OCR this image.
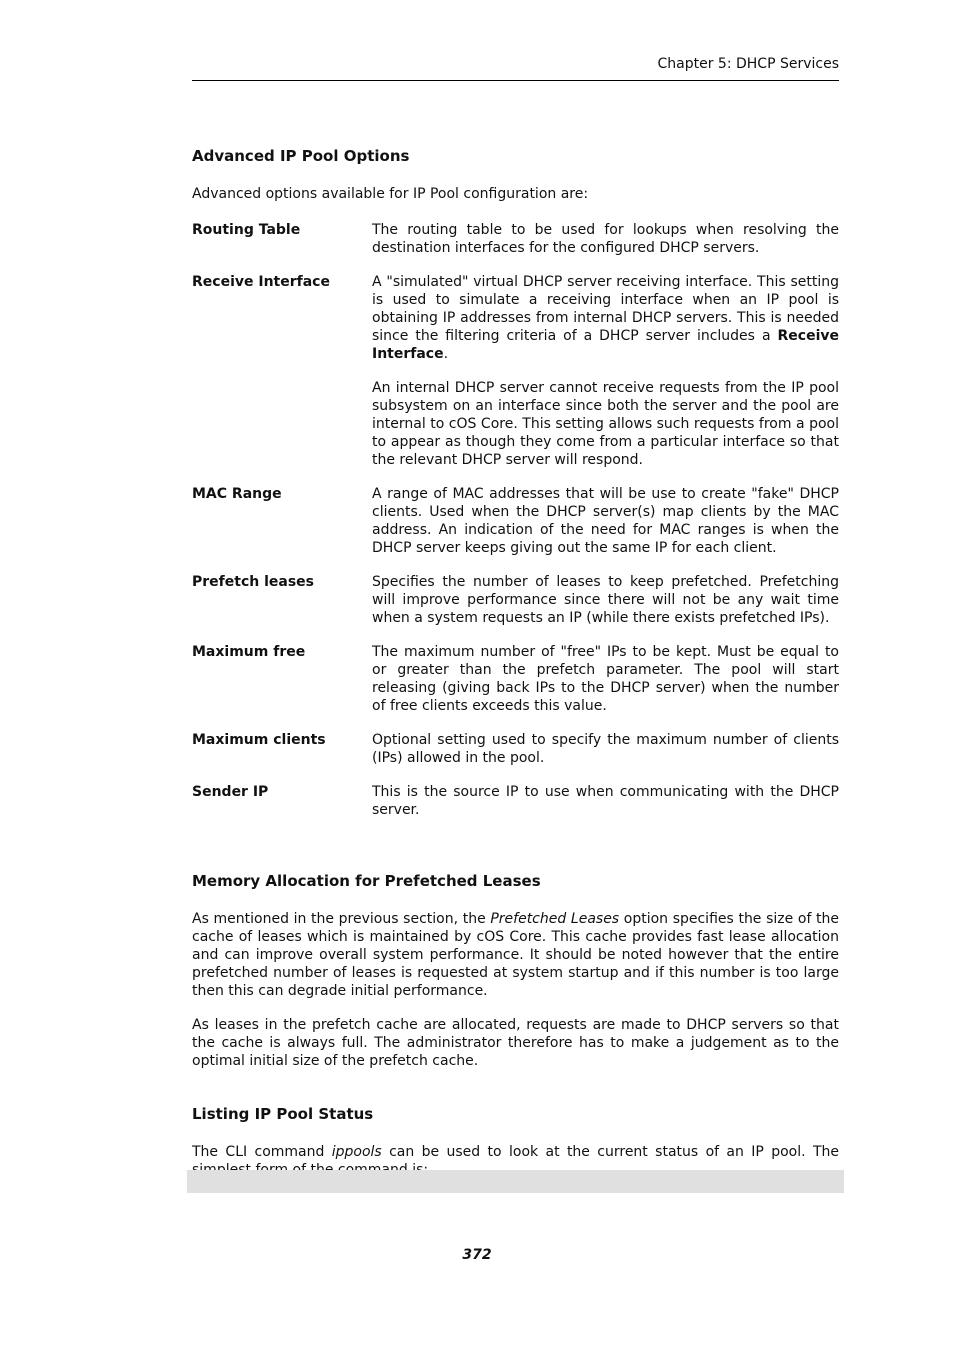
Chapter 5: DHCP Services
Advanced IP Pool Options

Advanced options available for IP Pool configuration are:

Routing Table	The routing table to be used for lookups when resolving the destination interfaces for the configured DHCP servers.
Receive Interface	A "simulated" virtual DHCP server receiving interface. This setting is used to simulate a receiving interface when an IP pool is obtaining IP addresses from internal DHCP servers. This is needed since the filtering criteria of a DHCP server includes a Receive Interface.

An internal DHCP server cannot receive requests from the IP pool subsystem on an interface since both the server and the pool are internal to cOS Core. This setting allows such requests from a pool to appear as though they come from a particular interface so that the relevant DHCP server will respond.

MAC Range	A range of MAC addresses that will be use to create "fake" DHCP clients. Used when the DHCP server(s) map clients by the MAC address. An indication of the need for MAC ranges is when the DHCP server keeps giving out the same IP for each client.
Prefetch leases	Specifies the number of leases to keep prefetched. Prefetching will improve performance since there will not be any wait time when a system requests an IP (while there exists prefetched IPs).
Maximum free	The maximum number of "free" IPs to be kept. Must be equal to or greater than the prefetch parameter. The pool will start releasing (giving back IPs to the DHCP server) when the number of free clients exceeds this value.
Maximum clients	Optional setting used to specify the maximum number of clients (IPs) allowed in the pool.
Sender IP	This is the source IP to use when communicating with the DHCP server.
Memory Allocation for Prefetched Leases

As mentioned in the previous section, the Prefetched Leases option specifies the size of the cache of leases which is maintained by cOS Core. This cache provides fast lease allocation and can improve overall system performance. It should be noted however that the entire prefetched number of leases is requested at system startup and if this number is too large then this can degrade initial performance.

As leases in the prefetch cache are allocated, requests are made to DHCP servers so that the cache is always full. The administrator therefore has to make a judgement as to the optimal initial size of the prefetch cache.

Listing IP Pool Status

The CLI command ippools can be used to look at the current status of an IP pool. The

372
